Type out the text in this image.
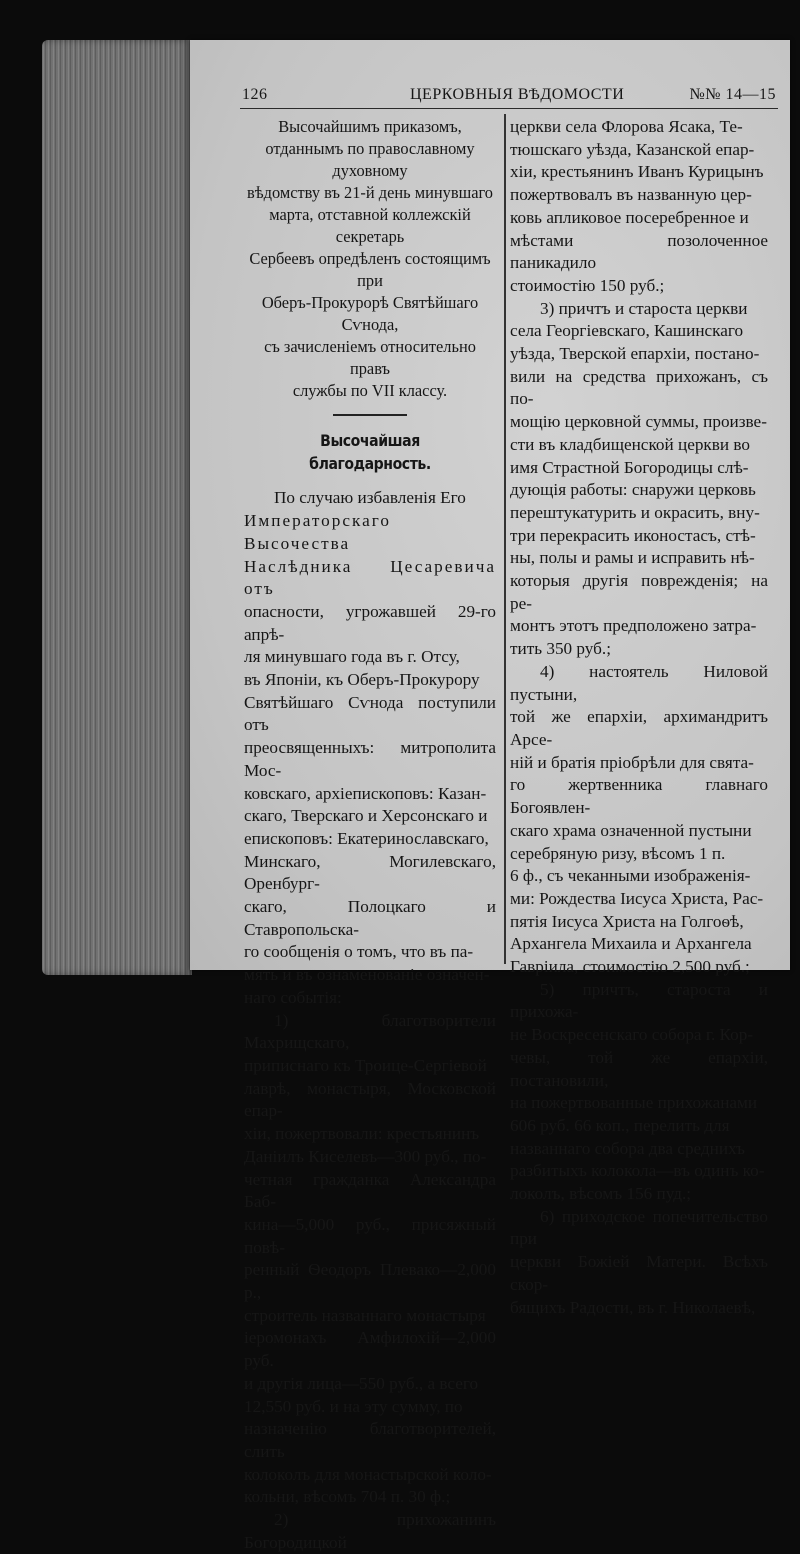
126	ЦЕРКОВНЫЯ ВѢДОМОСТИ	№№ 14—15

Высочайшимъ приказомъ,

отданнымъ по православному духовному

вѣдомству въ 21-й день минувшаго

марта, отставной коллежскій секретарь

Сербеевъ опредѣленъ состоящимъ при

Оберъ-Прокурорѣ Святѣйшаго Сѵнода,

съ зачисленіемъ относительно правъ

службы по VII классу.

Высочайшая благодарность.

По случаю избавленія Его

Императорскаго Высочества

Наслѣдника Цесаревича отъ

опасности, угрожавшей 29-го апрѣ-

ля минувшаго года въ г. Отсу,

въ Японіи, къ Оберъ-Прокурору

Святѣйшаго Сѵнода поступили отъ

преосвященныхъ: митрополита Мос-

ковскаго, архіепископовъ: Казан-

скаго, Тверскаго и Херсонскаго и

епископовъ: Екатеринославскаго,

Минскаго, Могилевскаго, Оренбург-

скаго, Полоцкаго и Ставропольска-

го сообщенія о томъ, что въ па-

мять и въ ознаменованіе означен-

наго событія:

1) благотворители Махрищскаго,

приписнаго къ Троице-Сергіевой

лаврѣ, монастыря, Московской епар-

хіи, пожертвовали: крестьянинъ

Даніилъ Киселевъ—300 руб., по-

четная гражданка Александра Баб-

кина—5,000 руб., присяжный повѣ-

ренный Ѳеодоръ Плевако—2,000 р.,

строитель названнаго монастыря

іеромонахъ Амфилохій—2,000 руб.

и другія лица—550 руб., а всего

12,550 руб. и на эту сумму, по

назначенію благотворителей, слить

колоколъ для монастырской коло-

кольни, вѣсомъ 704 п. 30 ф.;

2) прихожанинъ Богородицкой

церкви села Флорова Ясака, Те-

тюшскаго уѣзда, Казанской епар-

хіи, крестьянинъ Иванъ Курицынъ

пожертвовалъ въ названную цер-

ковь апликовое посеребренное и

мѣстами позолоченное паникадило

стоимостію 150 руб.;

3) причтъ и староста церкви

села Георгіевскаго, Кашинскаго

уѣзда, Тверской епархіи, постано-

вили на средства прихожанъ, съ по-

мощію церковной суммы, произве-

сти въ кладбищенской церкви во

имя Страстной Богородицы слѣ-

дующія работы: снаружи церковь

перештукатурить и окрасить, вну-

три перекрасить иконостасъ, стѣ-

ны, полы и рамы и исправить нѣ-

которыя другія поврежденія; на ре-

монтъ этотъ предположено затра-

тить 350 руб.;

4) настоятель Ниловой пустыни,

той же епархіи, архимандритъ Арсе-

ній и братія пріобрѣли для свята-

го жертвенника главнаго Богоявлен-

скаго храма означенной пустыни

серебряную ризу, вѣсомъ 1 п.

6 ф., съ чеканными изображенія-

ми: Рождества Іисуса Христа, Рас-

пятія Іисуса Христа на Голгоѳѣ,

Архангела Михаила и Архангела

Гавріила, стоимостію 2,500 руб.;

5) причтъ, староста и прихожа-

не Воскресенскаго собора г. Кор-

чевы, той же епархіи, постановили,

на пожертвованные прихожанами

606 руб. 66 коп., перелить для

названнаго собора два среднихъ

разбитыхъ колокола—въ одинъ ко-

локолъ, вѣсомъ 156 пуд.;

6) приходское попечительство при

церкви Божіей Матери. Всѣхъ скор-

бящихъ Радости, въ г. Николаевѣ,
